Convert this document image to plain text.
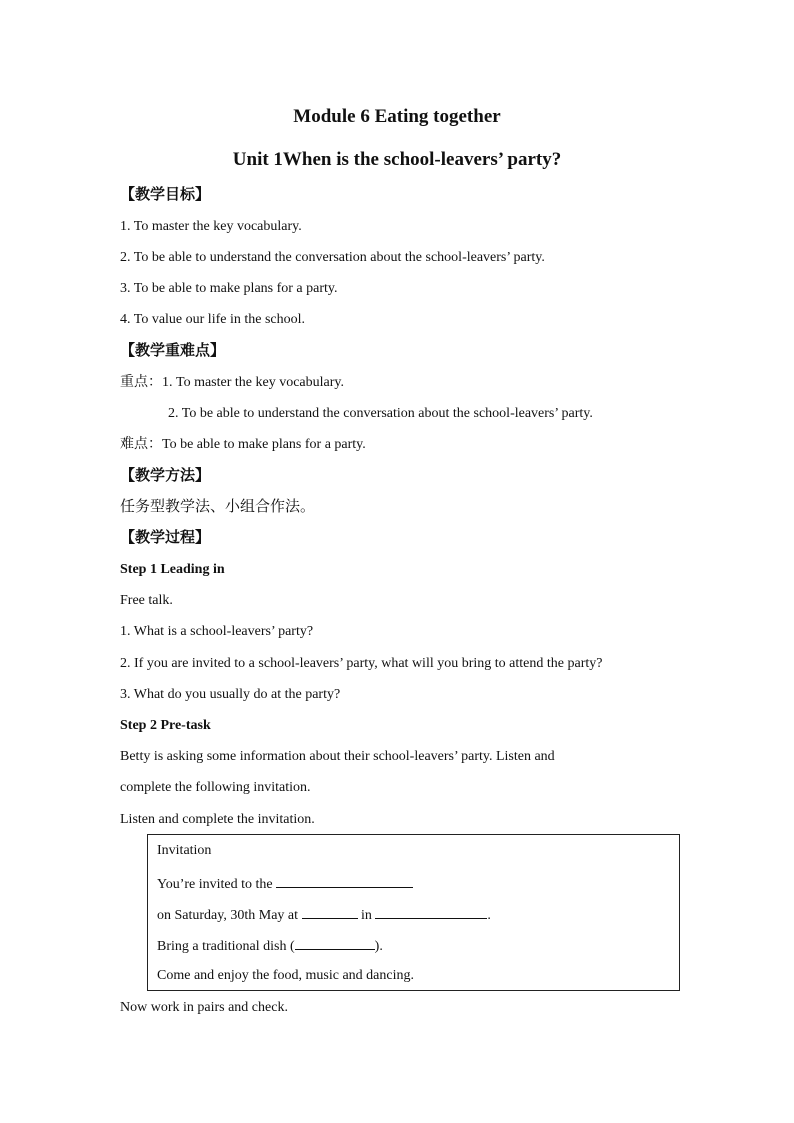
Module 6 Eating together
Unit 1When is the school-leavers’ party?
【教学目标】
1. To master the key vocabulary.
2. To be able to understand the conversation about the school-leavers’ party.
3. To be able to make plans for a party.
4. To value our life in the school.
【教学重难点】
重点：1. To master the key vocabulary.
2. To be able to understand the conversation about the school-leavers’ party.
难点：To be able to make plans for a party.
【教学方法】
任务型教学法、小组合作法。
【教学过程】
Step 1 Leading in
Free talk.
1. What is a school-leavers’ party?
2. If you are invited to a school-leavers’ party, what will you bring to attend the party?
3. What do you usually do at the party?
Step 2 Pre-task
Betty is asking some information about their school-leavers’ party. Listen and
complete the following invitation.
Listen and complete the invitation.
Invitation
You’re invited to the
on Saturday, 30th May at	in	.
Bring a traditional dish (	).
Come and enjoy the food, music and dancing.
Now work in pairs and check.
